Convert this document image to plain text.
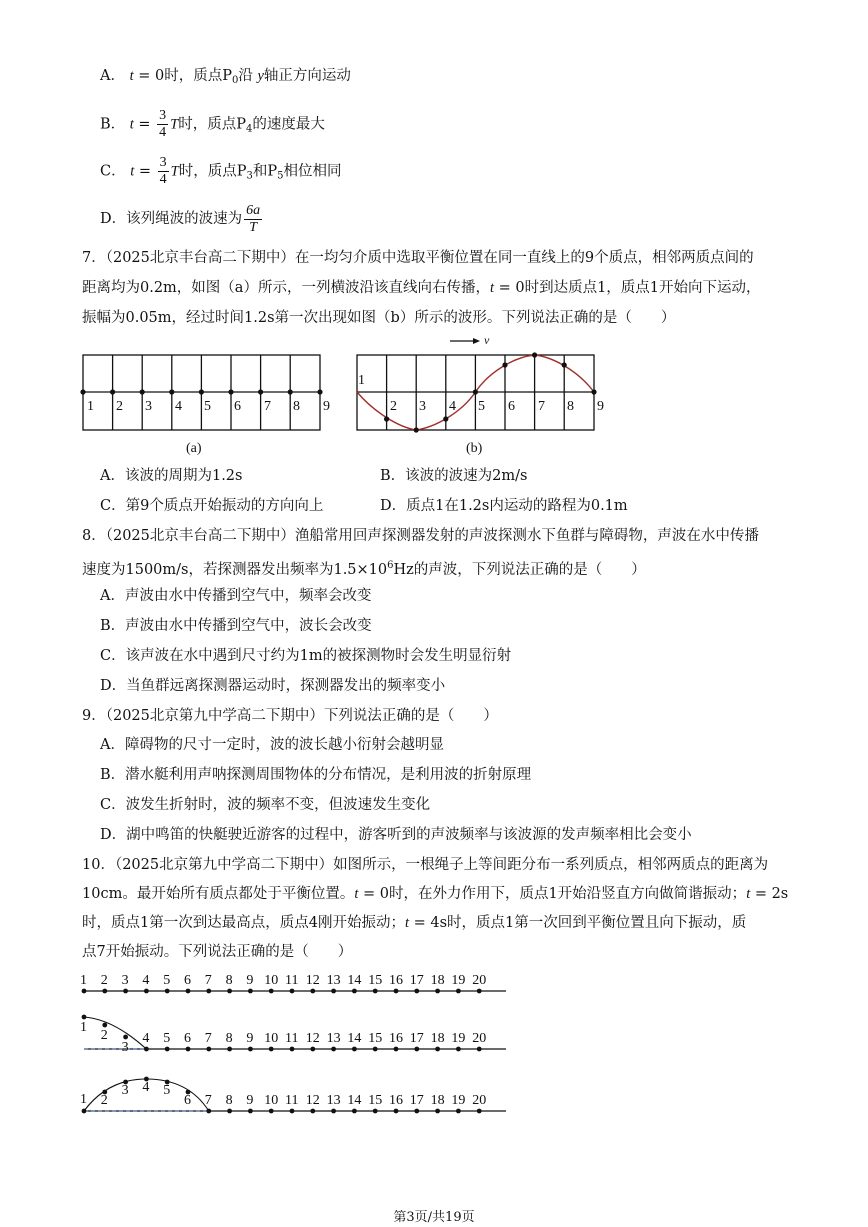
A． t = 0时，质点$P_0$沿 y轴正方向运动
B． $t = \frac{3}{4}$ T时，质点$P_4$的速度最大
C． $t = \frac{3}{4}$ T时，质点$P_3$和$P_5$相位相同
D．该列绳波的波速为 $\frac{6a}{T}$
7．（2025北京丰台高二下期中）在一均匀介质中选取平衡位置在同一直线上的9个质点，相邻两质点间的
距离均为0.2m，如图（a）所示，一列横波沿该直线向右传播，t = 0时到达质点1，质点1开始向下运动，
振幅为0.05m，经过时间1.2s第一次出现如图（b）所示的波形。下列说法正确的是（　　）
1 2 3 4 5 6 7 8 9
(a)
v
1
2 3 4 5 6 7 8 9
(b)
A．该波的周期为1.2s	B．该波的波速为2m/s
C．第9个质点开始振动的方向向上	D．质点1在1.2s内运动的路程为0.1m
8．（2025北京丰台高二下期中）渔船常用回声探测器发射的声波探测水下鱼群与障碍物，声波在水中传播
速度为1500m/s，若探测器发出频率为$1.5\times 10^6Hz$的声波，下列说法正确的是（　　）
A．声波由水中传播到空气中，频率会改变
B．声波由水中传播到空气中，波长会改变
C．该声波在水中遇到尺寸约为1m的被探测物时会发生明显衍射
D．当鱼群远离探测器运动时，探测器发出的频率变小
9．（2025北京第九中学高二下期中）下列说法正确的是（　　）
A．障碍物的尺寸一定时，波的波长越小衍射会越明显
B．潜水艇利用声呐探测周围物体的分布情况，是利用波的折射原理
C．波发生折射时，波的频率不变，但波速发生变化
D．湖中鸣笛的快艇驶近游客的过程中，游客听到的声波频率与该波源的发声频率相比会变小
10．（2025北京第九中学高二下期中）如图所示，一根绳子上等间距分布一系列质点，相邻两质点的距离为
10cm。最开始所有质点都处于平衡位置。t = 0时，在外力作用下，质点1开始沿竖直方向做简谐振动；t = 2s
时，质点1第一次到达最高点，质点4刚开始振动；t = 4s时，质点1第一次回到平衡位置且向下振动，质
点7开始振动。下列说法正确的是（　　）
1 2 3 4 5 6 7 8 9 10 11 12 13 14 15 16 17 18 19 20
1
2
3
4 5 6 7 8 9 10 11 12 13 14 15 16 17 18 19 20
1 2
3 4 5
6 7 8 9 10 11 12 13 14 15 16 17 18 19 20
第3页/共19页
